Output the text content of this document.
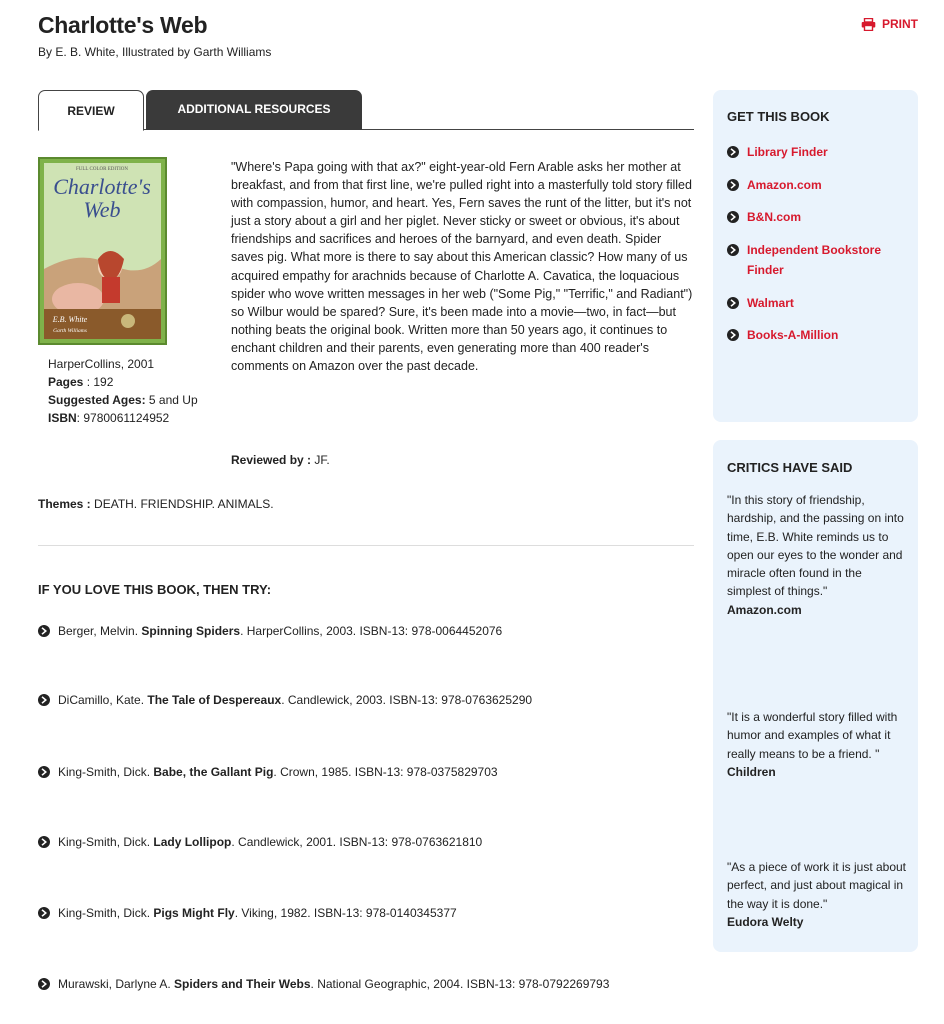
Charlotte's Web
By E. B. White, Illustrated by Garth Williams
PRINT
REVIEW	ADDITIONAL RESOURCES
FULL COLOR EDITION
Charlotte's
Web
E.B. White
Garth Williams
HarperCollins, 2001
Pages : 192
Suggested Ages: 5 and Up
ISBN: 9780061124952
"Where's Papa going with that ax?" eight-year-old Fern Arable asks her mother at breakfast, and from that first line, we're pulled right into a masterfully told story filled with compassion, humor, and heart. Yes, Fern saves the runt of the litter, but it's not just a story about a girl and her piglet. Never sticky or sweet or obvious, it's about friendships and sacrifices and heroes of the barnyard, and even death. Spider saves pig. What more is there to say about this American classic? How many of us acquired empathy for arachnids because of Charlotte A. Cavatica, the loquacious spider who wove written messages in her web ("Some Pig," "Terrific," and Radiant") so Wilbur would be spared? Sure, it's been made into a movie—two, in fact—but nothing beats the original book. Written more than 50 years ago, it continues to enchant children and their parents, even generating more than 400 reader's comments on Amazon over the past decade.
Reviewed by : JF.
Themes : DEATH. FRIENDSHIP. ANIMALS.
IF YOU LOVE THIS BOOK, THEN TRY:
Berger, Melvin. Spinning Spiders. HarperCollins, 2003. ISBN-13: 978-0064452076
DiCamillo, Kate. The Tale of Despereaux. Candlewick, 2003. ISBN-13: 978-0763625290
King-Smith, Dick. Babe, the Gallant Pig. Crown, 1985. ISBN-13: 978-0375829703
King-Smith, Dick. Lady Lollipop. Candlewick, 2001. ISBN-13: 978-0763621810
King-Smith, Dick. Pigs Might Fly. Viking, 1982. ISBN-13: 978-0140345377
Murawski, Darlyne A. Spiders and Their Webs. National Geographic, 2004. ISBN-13: 978-0792269793
GET THIS BOOK
Library Finder
Amazon.com
B&N.com
Independent Bookstore
Finder
Walmart
Books-A-Million
CRITICS HAVE SAID
"In this story of friendship, hardship, and the passing on into time, E.B. White reminds us to open our eyes to the wonder and miracle often found in the simplest of things."
Amazon.com
"It is a wonderful story filled with humor and examples of what it really means to be a friend. "
Children
"As a piece of work it is just about perfect, and just about magical in the way it is done."
Eudora Welty
